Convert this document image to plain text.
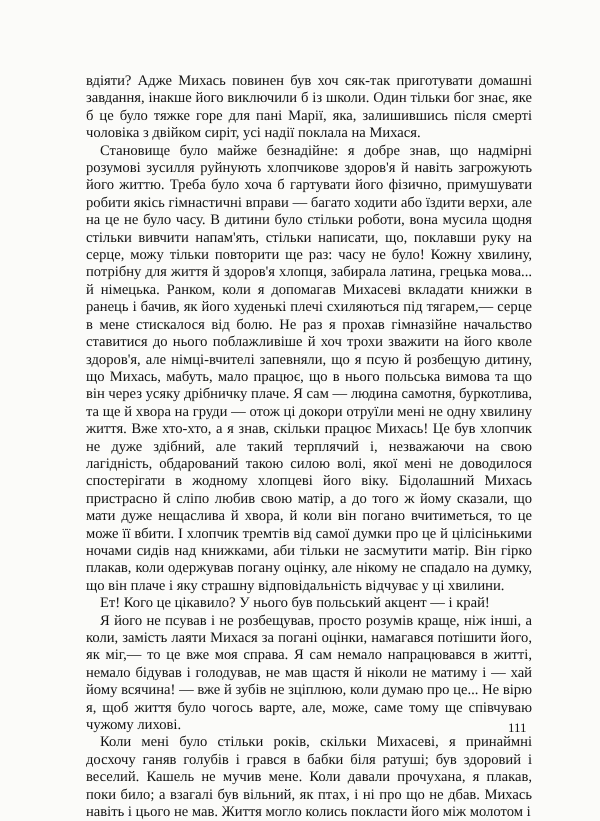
вдіяти? Адже Михась повинен був хоч сяк-так приготувати домашні завдання, інакше його виключили б із школи. Один тільки бог знає, яке б це було тяжке горе для пані Марії, яка, залишившись після смерті чоловіка з двійком сиріт, усі надії поклала на Михася.

Становище було майже безнадійне: я добре знав, що надмірні розумові зусилля руйнують хлопчикове здоров'я й навіть загрожують його життю. Треба було хоча б гартувати його фізично, примушувати робити якісь гімнастичні вправи — багато ходити або їздити верхи, але на це не було часу. В дитини було стільки роботи, вона мусила щодня стільки вивчити напам'ять, стільки написати, що, поклавши руку на серце, можу тільки повторити ще раз: часу не було! Кожну хвилину, потрібну для життя й здоров'я хлопця, забирала латина, грецька мова... й німецька. Ранком, коли я допомагав Михасеві вкладати книжки в ранець і бачив, як його худенькі плечі схиляються під тягарем,— серце в мене стискалося від болю. Не раз я прохав гімназійне начальство ставитися до нього поблажливіше й хоч трохи зважити на його кволе здоров'я, але німці-вчителі запевняли, що я псую й розбещую дитину, що Михась, мабуть, мало працює, що в нього польська вимова та що він через усяку дрібничку плаче. Я сам — людина самотня, буркотлива, та ще й хвора на груди — отож ці докори отруїли мені не одну хвилину життя. Вже хто-хто, а я знав, скільки працює Михась! Це був хлопчик не дуже здібний, але такий терплячий і, незважаючи на свою лагідність, обдарований такою силою волі, якої мені не доводилося спостерігати в жодному хлопцеві його віку. Бідолашний Михась пристрасно й сліпо любив свою матір, а до того ж йому сказали, що мати дуже нещаслива й хвора, й коли він погано вчитиметься, то це може її вбити. І хлопчик тремтів від самої думки про це й цілісінькими ночами сидів над книжками, аби тільки не засмутити матір. Він гірко плакав, коли одержував погану оцінку, але нікому не спадало на думку, що він плаче і яку страшну відповідальність відчуває у ці хвилини.

Ет! Кого це цікавило? У нього був польський акцент — і край!

Я його не псував і не розбещував, просто розумів краще, ніж інші, а коли, замість лаяти Михася за погані оцінки, намагався потішити його, як міг,— то це вже моя справа. Я сам немало напрацювався в житті, немало бідував і голодував, не мав щастя й ніколи не матиму і — хай йому всячина! — вже й зубів не зціплюю, коли думаю про це... Не вірю я, щоб життя було чогось варте, але, може, саме тому ще співчуваю чужому лихові.

Коли мені було стільки років, скільки Михасеві, я принаймні досхочу ганяв голубів і грався в бабки біля ратуші; був здоровий і веселий. Кашель не мучив мене. Коли давали прочухана, я плакав, поки било; а взагалі був вільний, як птах, і ні про що не дбав. Михась навіть і цього не мав. Життя могло колись покласти його між молотом і

111
